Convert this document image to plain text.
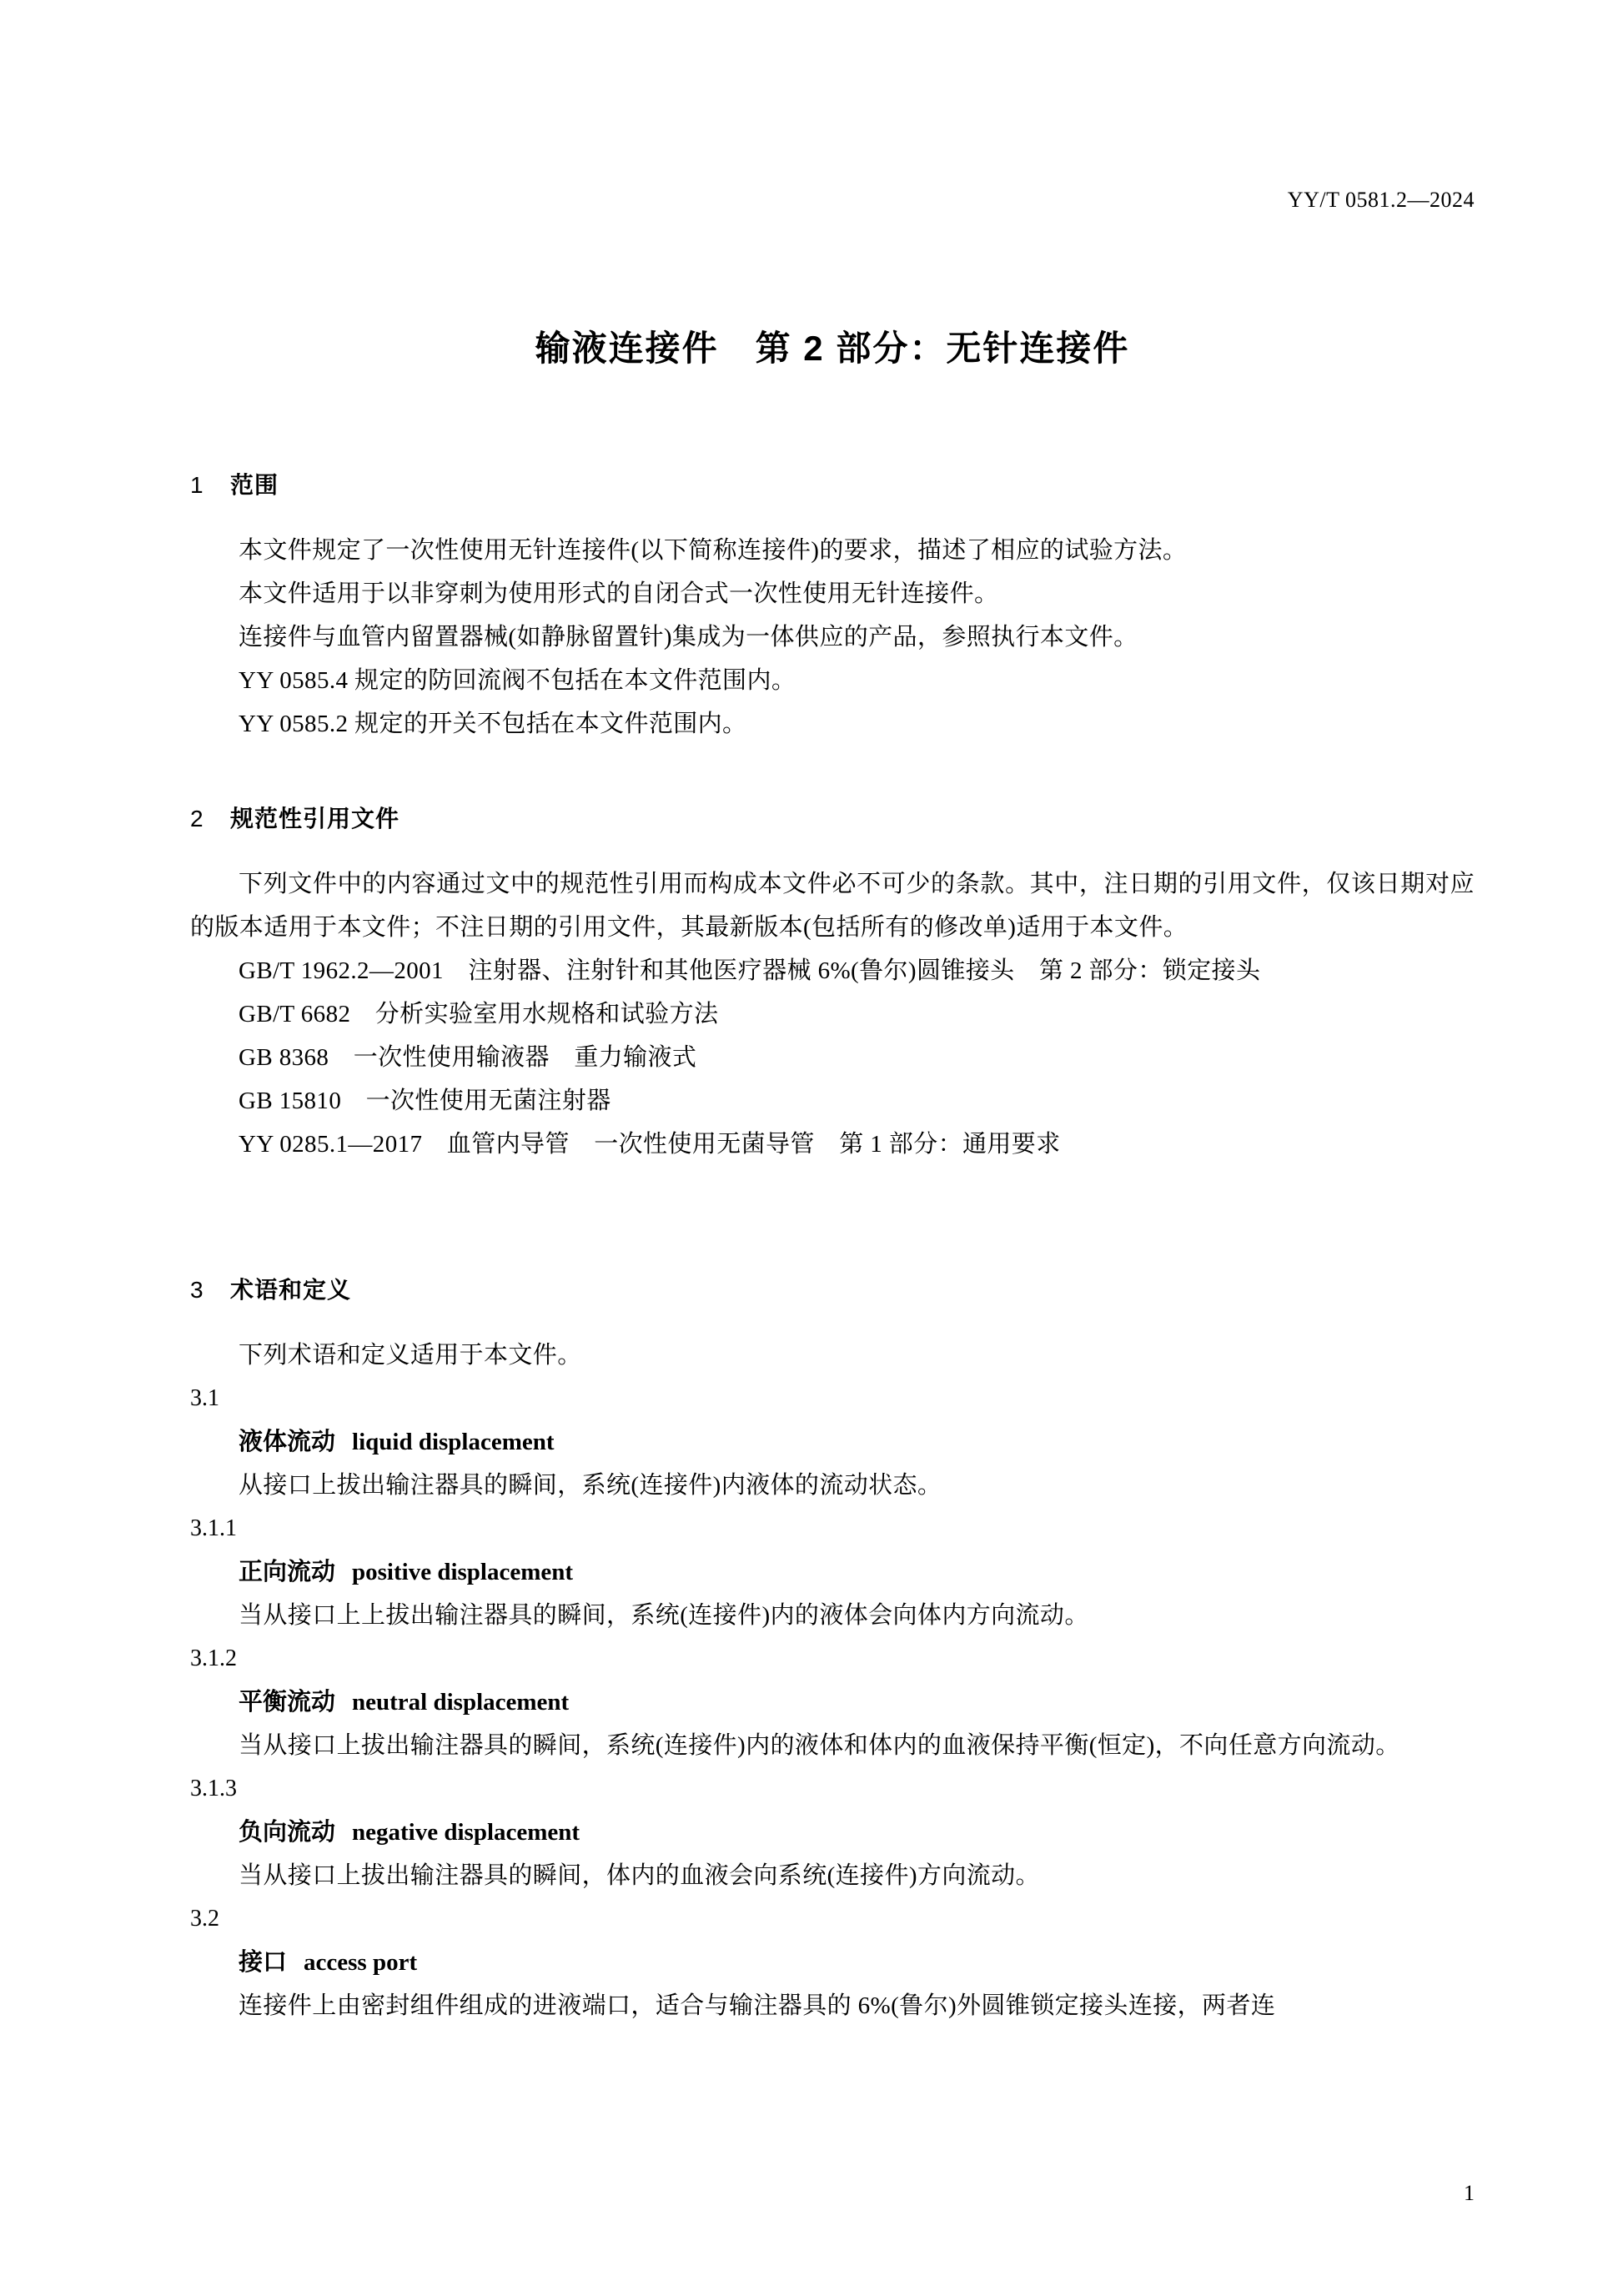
YY/T 0581.2—2024
输液连接件　第 2 部分：无针连接件
1 范围

本文件规定了一次性使用无针连接件(以下简称连接件)的要求，描述了相应的试验方法。

本文件适用于以非穿刺为使用形式的自闭合式一次性使用无针连接件。

连接件与血管内留置器械(如静脉留置针)集成为一体供应的产品，参照执行本文件。

YY 0585.4 规定的防回流阀不包括在本文件范围内。

YY 0585.2 规定的开关不包括在本文件范围内。

2 规范性引用文件

下列文件中的内容通过文中的规范性引用而构成本文件必不可少的条款。其中，注日期的引用文件，仅该日期对应的版本适用于本文件；不注日期的引用文件，其最新版本(包括所有的修改单)适用于本文件。

GB/T 1962.2—2001　注射器、注射针和其他医疗器械 6%(鲁尔)圆锥接头　第 2 部分：锁定接头

GB/T 6682　分析实验室用水规格和试验方法

GB 8368　一次性使用输液器　重力输液式

GB 15810　一次性使用无菌注射器

YY 0285.1—2017　血管内导管　一次性使用无菌导管　第 1 部分：通用要求

3 术语和定义

下列术语和定义适用于本文件。

3.1
液体流动 liquid displacement

从接口上拔出输注器具的瞬间，系统(连接件)内液体的流动状态。

3.1.1
正向流动 positive displacement

当从接口上上拔出输注器具的瞬间，系统(连接件)内的液体会向体内方向流动。

3.1.2
平衡流动 neutral displacement

当从接口上拔出输注器具的瞬间，系统(连接件)内的液体和体内的血液保持平衡(恒定)，不向任意方向流动。

3.1.3
负向流动 negative displacement

当从接口上拔出输注器具的瞬间，体内的血液会向系统(连接件)方向流动。

3.2
接口 access port

连接件上由密封组件组成的进液端口，适合与输注器具的 6%(鲁尔)外圆锥锁定接头连接，两者连

1
